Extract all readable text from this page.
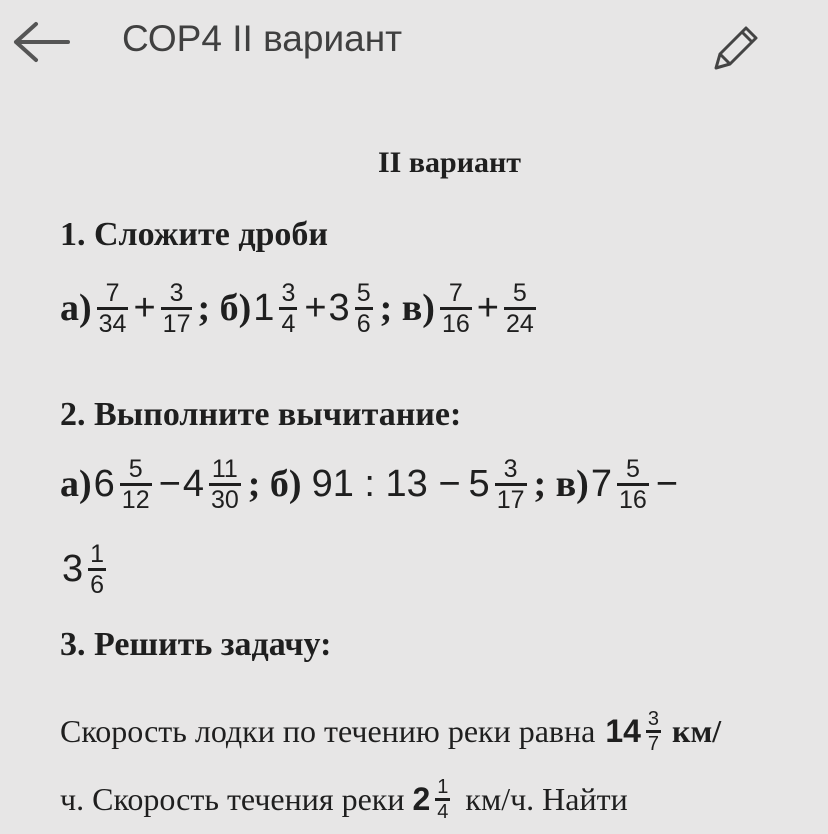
СОР4 II вариант
II вариант
1. Сложите дроби
$а) \frac{7}{34} + \frac{3}{17}$ ; б) $1 \frac{3}{4} + 3 \frac{5}{6}$ ; $в) \frac{7}{16} + \frac{5}{24}$
2. Выполните вычитание:
а) $6 \frac{5}{12} - 4 \frac{11}{30}$ ; б) 91 : $13 - 5 \frac{3}{17}$ ; в) $7 \frac{5}{16}$ −
$3 \frac{1}{6}$
3. Решить задачу:
Скорость лодки по течению реки равна $14 \frac{3}{7} км/$
ч. Скорость течения реки $2 \frac{1}{4} км/ч$. Найти
